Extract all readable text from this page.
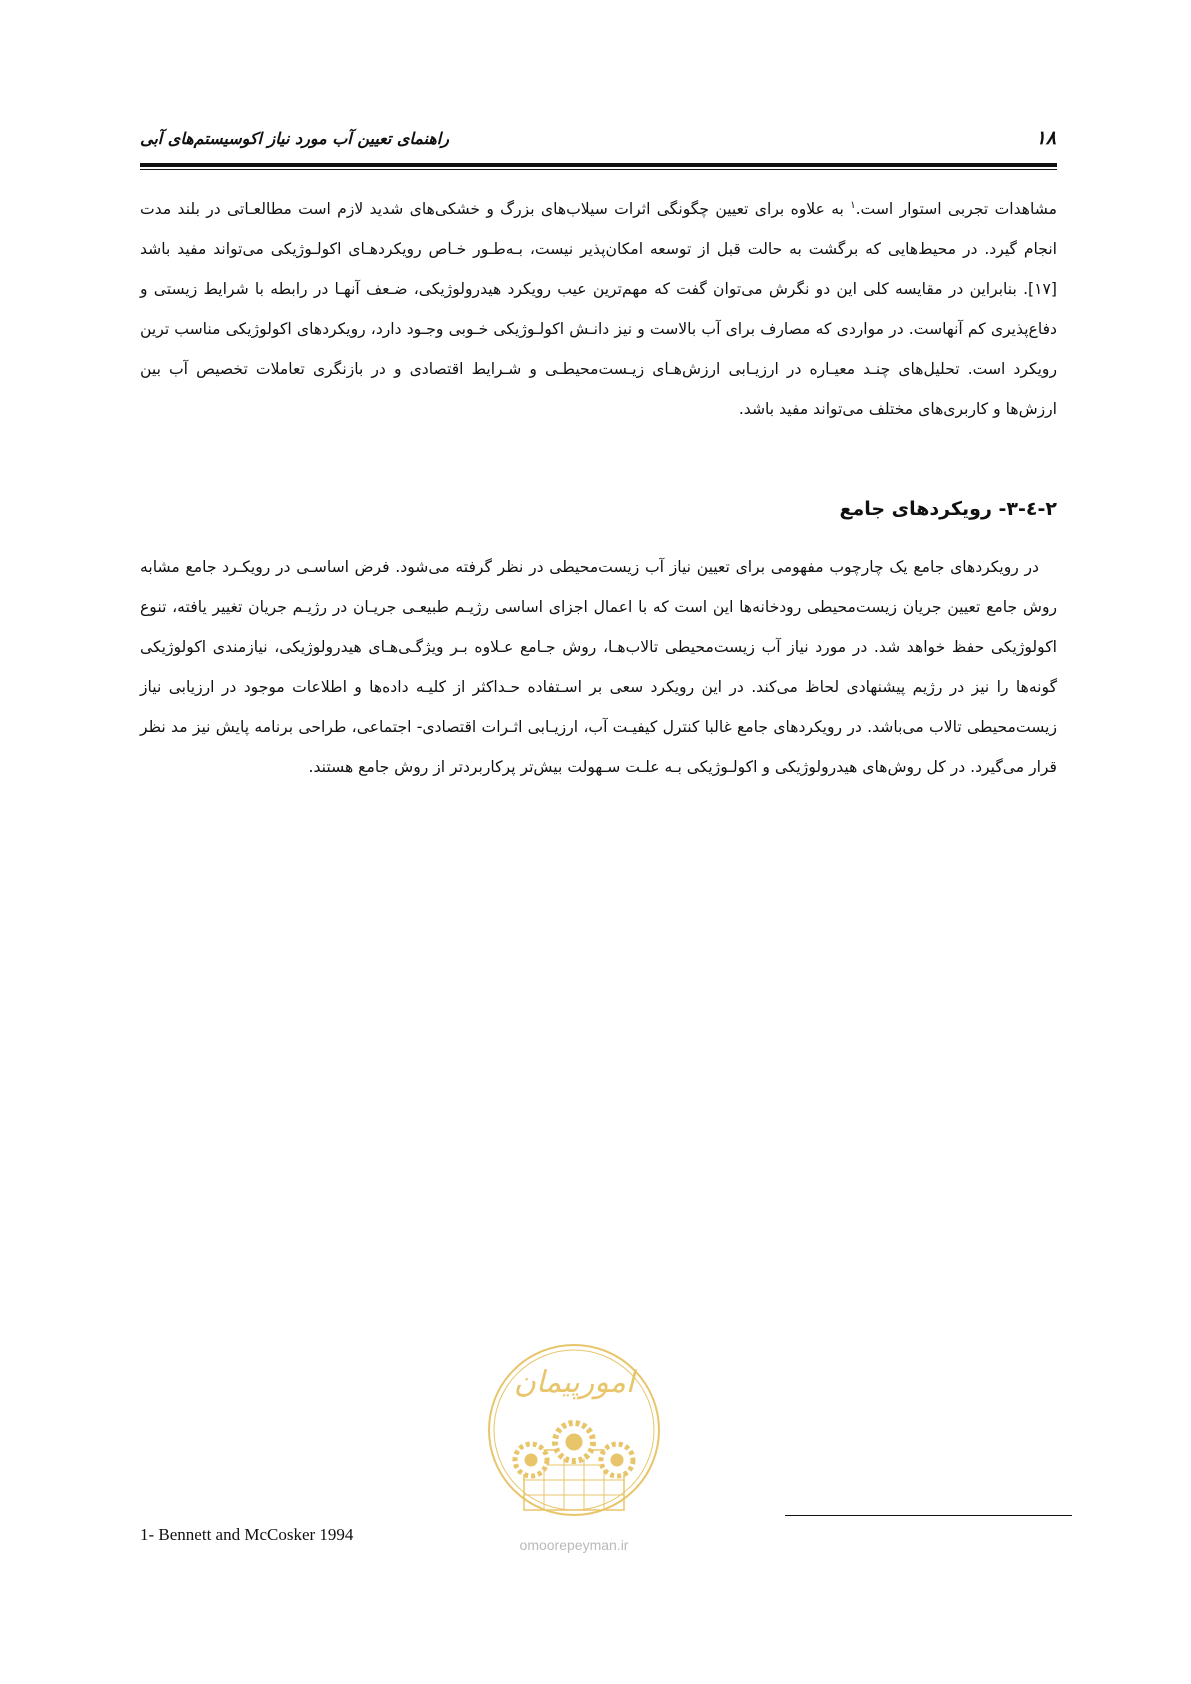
۱۸
راهنمای تعیین آب مورد نیاز اکوسیستم‌های آبی

مشاهدات تجربی استوار است.$^۱$ به علاوه برای تعیین چگونگی اثرات سیلاب‌های بزرگ و خشکی‌های شدید لازم است مطالعـاتی در بلند مدت انجام گیرد. در محیط‌هایی که برگشت به حالت قبل از توسعه امکان‌پذیر نیست، بـه‌طـور خـاص رویکردهـای اکولـوژیکی می‌تواند مفید باشد [۱۷]. بنابراین در مقایسه کلی این دو نگرش می‌توان گفت که مهم‌ترین عیب رویکرد هیدرولوژیکی، ضـعف آنهـا در رابطه با شرایط زیستی و دفاع‌پذیری کم آنهاست. در مواردی که مصارف برای آب بالاست و نیز دانـش اکولـوژیکی خـوبی وجـود دارد، رویکردهای اکولوژیکی مناسب ترین رویکرد است. تحلیل‌های چنـد معیـاره در ارزیـابی ارزش‌هـای زیـست‌محیطـی و شـرایط اقتصادی و در بازنگری تعاملات تخصیص آب بین ارزش‌ها و کاربری‌های مختلف می‌تواند مفید باشد.

۲-٤-۳- رویکردهای جامع

در رویکردهای جامع یک چارچوب مفهومی برای تعیین نیاز آب زیست‌محیطی در نظر گرفته می‌شود. فرض اساسـی در رویکـرد جامع مشابه روش جامع تعیین جریان زیست‌محیطی رودخانه‌ها این است که با اعمال اجزای اساسی رژیـم طبیعـی جریـان در رژیـم جریان تغییر یافته، تنوع اکولوژیکی حفظ خواهد شد. در مورد نیاز آب زیست‌محیطی تالاب‌هـا، روش جـامع عـلاوه بـر ویژگـی‌هـای هیدرولوژیکی، نیازمندی اکولوژیکی گونه‌ها را نیز در رژیم پیشنهادی لحاظ می‌کند. در این رویکرد سعی بر اسـتفاده حـداکثر از کلیـه داده‌ها و اطلاعات موجود در ارزیابی نیاز زیست‌محیطی تالاب می‌باشد. در رویکردهای جامع غالبا کنترل کیفیـت آب، ارزیـابی اثـرات اقتصادی- اجتماعی، طراحی برنامه پایش نیز مد نظر قرار می‌گیرد. در کل روش‌های هیدرولوژیکی و اکولـوژیکی بـه علـت سـهولت بیش‌تر پرکاربردتر از روش جامع هستند.

امورپیمان
omoorepeyman.ir
1- Bennett and McCosker 1994
